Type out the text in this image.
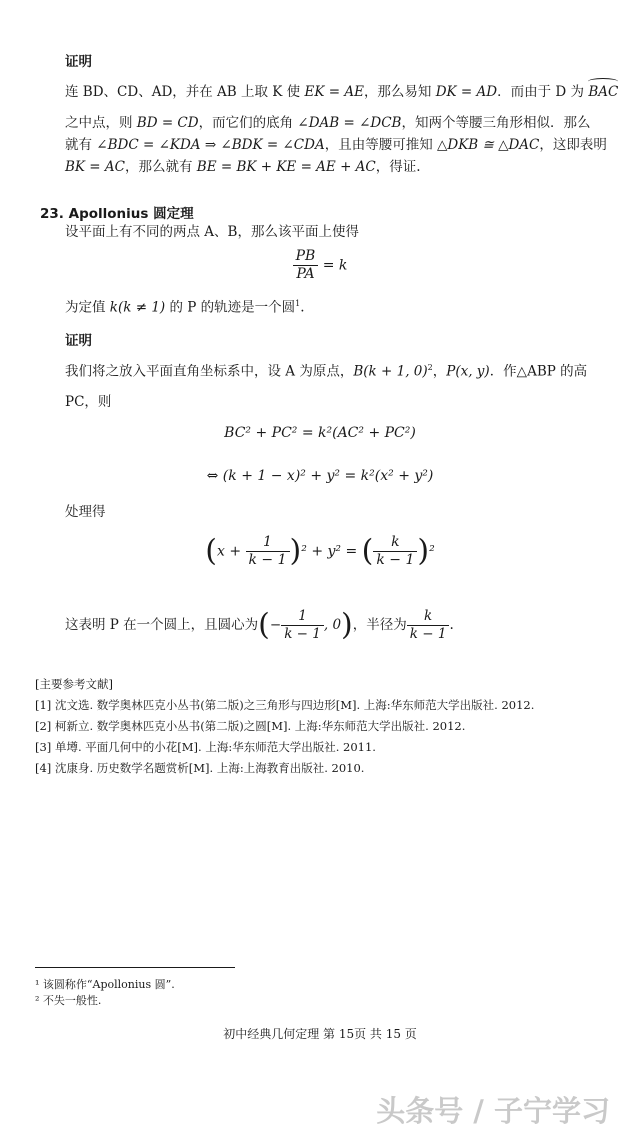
证明
连 BD、CD、AD，并在 AB 上取 K 使 EK = AE，那么易知 DK = AD．而由于 D 为 BAC
之中点，则 BD = CD，而它们的底角 ∠DAB = ∠DCB，知两个等腰三角形相似．那么
就有 ∠BDC = ∠KDA ⇒ ∠BDK = ∠CDA，且由等腰可推知 △DKB ≅ △DAC，这即表明
BK = AC，那么就有 BE = BK + KE = AE + AC，得证.
23. Apollonius 圆定理
设平面上有不同的两点 A、B，那么该平面上使得
$\frac{PB}{PA} = k$
为定值 k(k ≠ 1) 的 P 的轨迹是一个圆$^1$.
证明
我们将之放入平面直角坐标系中，设 A 为原点，B(k + 1, 0)$^2$，P(x, y)．作△ABP 的高
PC，则
BC² + PC² = k²(AC² + PC²)
⇔ (k + 1 − x)² + y² = k²(x² + y²)
处理得
$(x + \frac{1}{k - 1} )^2 + y^2$ = ( $\frac{k}{k - 1} )^2$
这表明 P 在一个圆上，且圆心为(− $\frac{1}{k - 1}$ , 0)，半径为 $\frac{k}{k - 1}$ .
[主要参考文献]
[1] 沈文选. 数学奥林匹克小丛书(第二版)之三角形与四边形[M]. 上海:华东师范大学出版社. 2012.
[2] 柯新立. 数学奥林匹克小丛书(第二版)之圆[M]. 上海:华东师范大学出版社. 2012.
[3] 单墫. 平面几何中的小花[M]. 上海:华东师范大学出版社. 2011.
[4] 沈康身. 历史数学名题赏析[M]. 上海:上海教育出版社. 2010.
¹ 该圆称作“Apollonius 圆”.
² 不失一般性.
初中经典几何定理 第 15页 共 15 页
头条号 / 子宁学习
